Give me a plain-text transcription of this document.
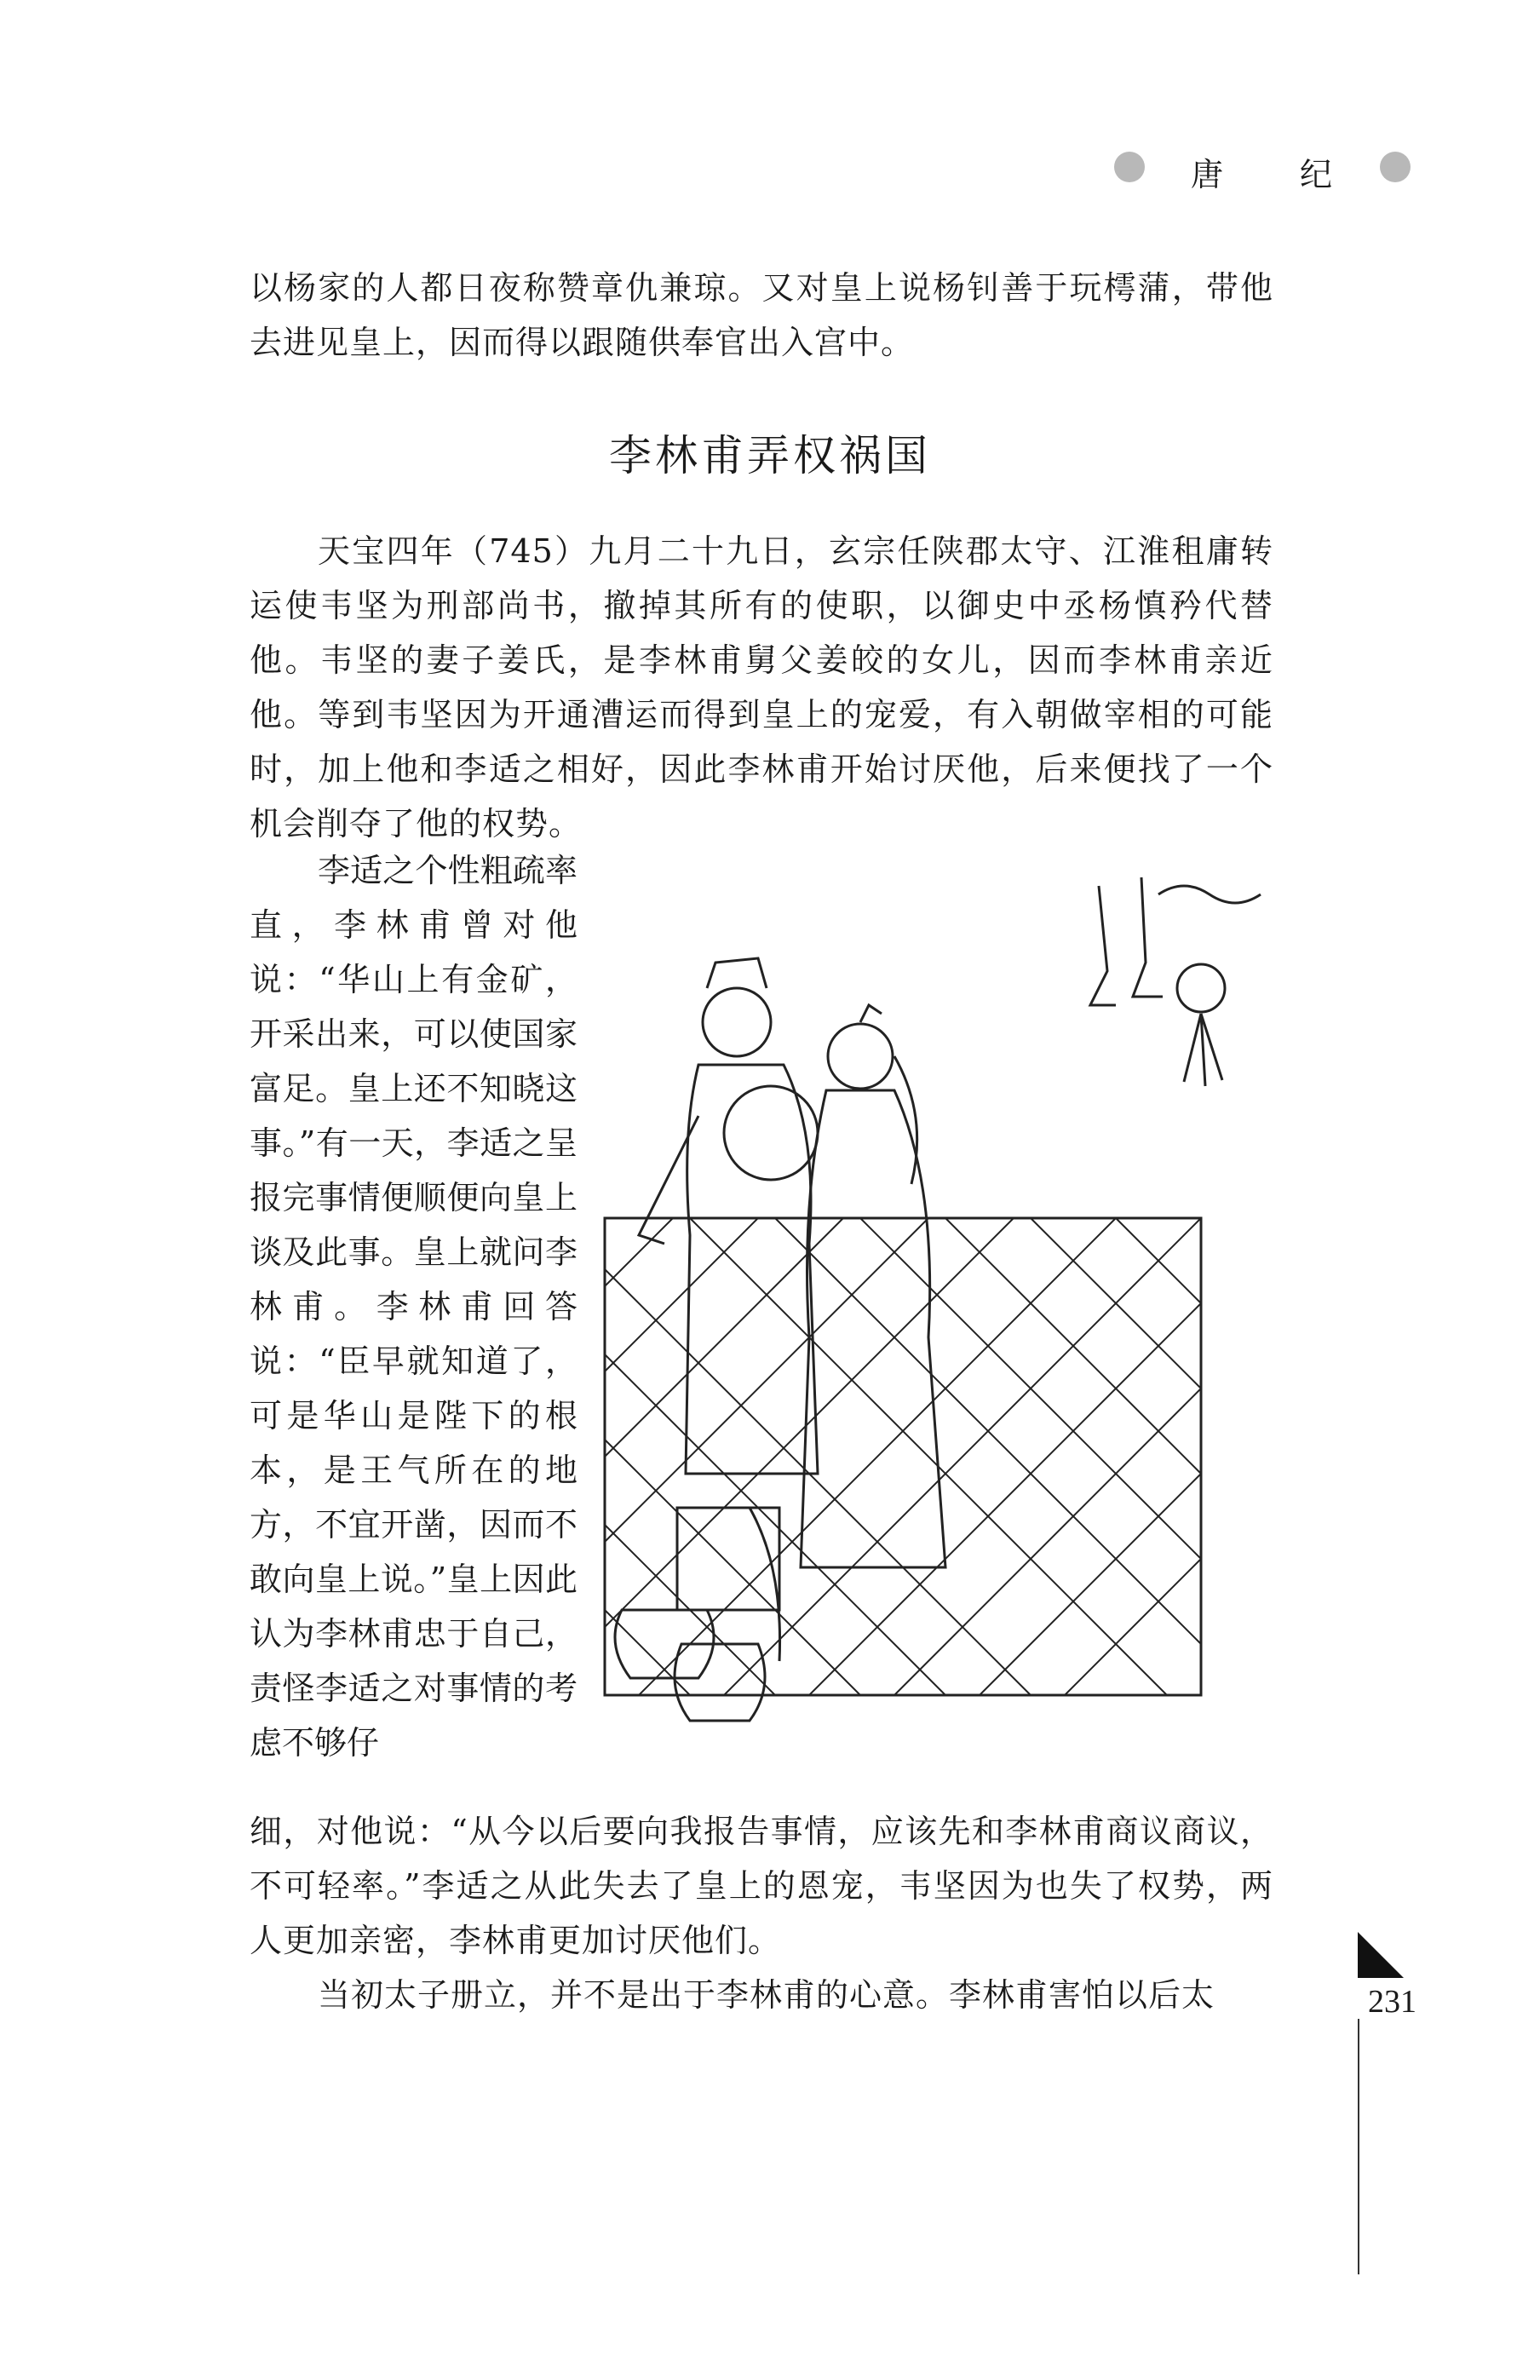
唐 纪
以杨家的人都日夜称赞章仇兼琼。又对皇上说杨钊善于玩樗蒲，带他去进见皇上，因而得以跟随供奉官出入宫中。
李林甫弄权祸国
天宝四年（745）九月二十九日，玄宗任陕郡太守、江淮租庸转运使韦坚为刑部尚书，撤掉其所有的使职，以御史中丞杨慎矜代替他。韦坚的妻子姜氏，是李林甫舅父姜皎的女儿，因而李林甫亲近他。等到韦坚因为开通漕运而得到皇上的宠爱，有入朝做宰相的可能时，加上他和李适之相好，因此李林甫开始讨厌他，后来便找了一个机会削夺了他的权势。
李适之个性粗疏率直，李林甫曾对他说：“华山上有金矿，开采出来，可以使国家富足。皇上还不知晓这事。”有一天，李适之呈报完事情便顺便向皇上谈及此事。皇上就问李林甫。李林甫回答说：“臣早就知道了，可是华山是陛下的根本，是王气所在的地方，不宜开凿，因而不敢向皇上说。”皇上因此认为李林甫忠于自己，责怪李适之对事情的考虑不够仔
细，对他说：“从今以后要向我报告事情，应该先和李林甫商议商议，不可轻率。”李适之从此失去了皇上的恩宠，韦坚因为也失了权势，两人更加亲密，李林甫更加讨厌他们。
当初太子册立，并不是出于李林甫的心意。李林甫害怕以后太	231
